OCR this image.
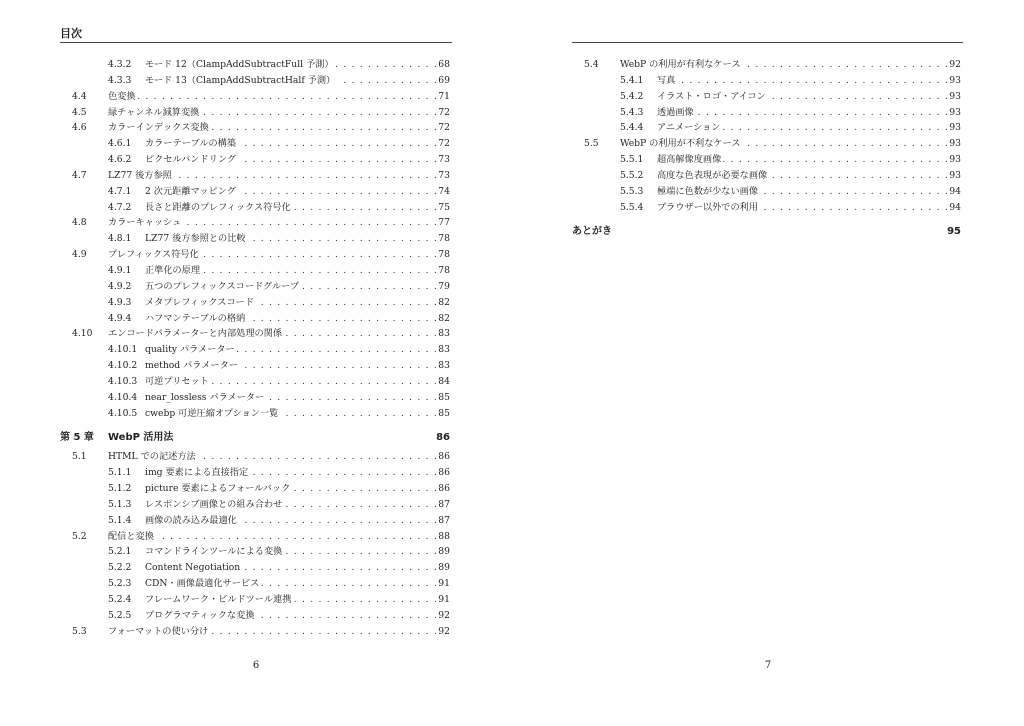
目次
4.3.2 モード 12（ClampAddSubtractFull 予測） . . .	68
4.3.3 モード 13（ClampAddSubtractHalf 予測） . . .	69
4.4 色変換 . . .	71
4.5 緑チャンネル減算変換 . . .	72
4.6 カラーインデックス変換 . . .	72
4.6.1 カラーテーブルの構築 . . .	72
4.6.2 ピクセルバンドリング . . .	73
4.7 LZ77 後方参照 . . .	73
4.7.1 2 次元距離マッピング . . .	74
4.7.2 長さと距離のプレフィックス符号化 . . .	75
4.8 カラーキャッシュ . . .	77
4.8.1 LZ77 後方参照との比較 . . .	78
4.9 プレフィックス符号化 . . .	78
4.9.1 正準化の原理 . . .	78
4.9.2 五つのプレフィックスコードグループ . . .	79
4.9.3 メタプレフィックスコード . . .	82
4.9.4 ハフマンテーブルの格納 . . .	82
4.10 エンコードパラメーターと内部処理の関係 . . .	83
4.10.1 quality パラメーター . . .	83
4.10.2 method パラメーター . . .	83
4.10.3 可逆プリセット . . .	84
4.10.4 near_lossless パラメーター . . .	85
4.10.5 cwebp 可逆圧縮オプション一覧 . . .	85
第 5 章 WebP 活用法	86
5.1 HTML での記述方法 . . .	86
5.1.1 img 要素による直接指定 . . .	86
5.1.2 picture 要素によるフォールバック . . .	86
5.1.3 レスポンシブ画像との組み合わせ . . .	87
5.1.4 画像の読み込み最適化 . . .	87
5.2 配信と変換 . . .	88
5.2.1 コマンドラインツールによる変換 . . .	89
5.2.2 Content Negotiation . . .	89
5.2.3 CDN・画像最適化サービス . . .	91
5.2.4 フレームワーク・ビルドツール連携 . . .	91
5.2.5 プログラマティックな変換 . . .	92
5.3 フォーマットの使い分け . . .	92
6
5.4 WebP の利用が有利なケース . . .	92
5.4.1 写真 . . .	93
5.4.2 イラスト・ロゴ・アイコン . . .	93
5.4.3 透過画像 . . .	93
5.4.4 アニメーション . . .	93
5.5 WebP の利用が不利なケース . . .	93
5.5.1 超高解像度画像 . . .	93
5.5.2 高度な色表現が必要な画像 . . .	93
5.5.3 極端に色数が少ない画像 . . .	94
5.5.4 ブラウザー以外での利用 . . .	94
あとがき	95
7
